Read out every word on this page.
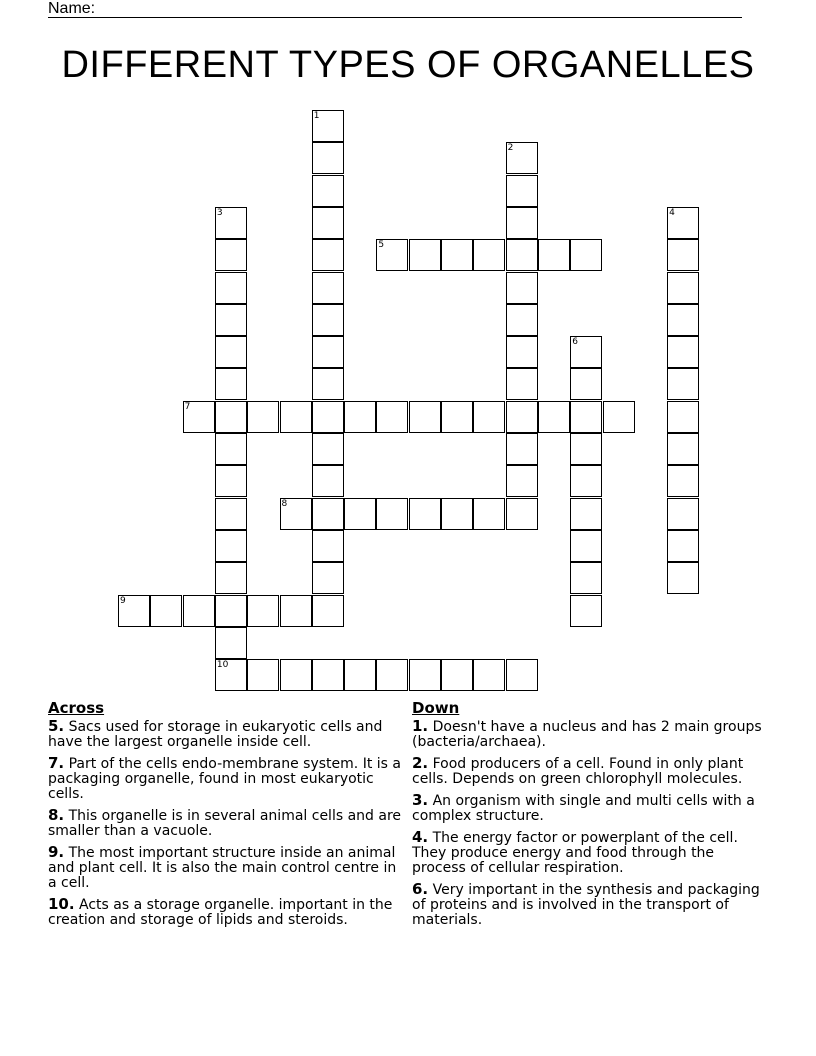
Name:
DIFFERENT TYPES OF ORGANELLES
1
2
3
10
4
5
6
7
8
9
Across
5. Sacs used for storage in eukaryotic cells and have the largest organelle inside cell.
7. Part of the cells endo-membrane system. It is a packaging organelle, found in most eukaryotic cells.
8. This organelle is in several animal cells and are smaller than a vacuole.
9. The most important structure inside an animal and plant cell. It is also the main control centre in a cell.
10. Acts as a storage organelle. important in the creation and storage of lipids and steroids.
Down
1. Doesn't have a nucleus and has 2 main groups (bacteria/archaea).
2. Food producers of a cell. Found in only plant cells. Depends on green chlorophyll molecules.
3. An organism with single and multi cells with a complex structure.
4. The energy factor or powerplant of the cell. They produce energy and food through the process of cellular respiration.
6. Very important in the synthesis and packaging of proteins and is involved in the transport of materials.
